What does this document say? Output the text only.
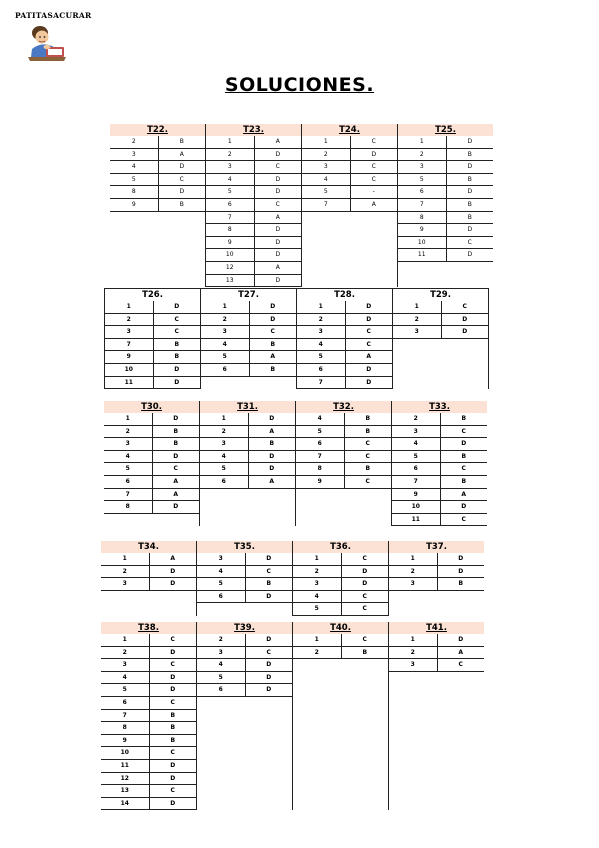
PATITASACURAR
SOLUCIONES.
T22.
2	B
3	A
4	D
5	C
8	D
9	B
T23.
1	A
2	D
3	C
4	D
5	D
6	C
7	A
8	D
9	D
10	D
12	A
13	D
T24.
1	C
2	D
3	C
4	C
5	-
7	A
T25.
1	D
2	B
3	D
5	B
6	D
7	B
8	B
9	D
10	C
11	D
T26.
1	D
2	C
3	C
7	B
9	B
10	D
11	D
T27.
1	D
2	D
3	C
4	B
5	A
6	B
T28.
1	D
2	D
3	C
4	C
5	A
6	D
7	D
T29.
1	C
2	D
3	D
T30.
1	D
2	B
3	B
4	D
5	C
6	A
7	A
8	D
T31.
1	D
2	A
3	B
4	D
5	D
6	A
T32.
4	B
5	B
6	C
7	C
8	B
9	C
T33.
2	B
3	C
4	D
5	B
6	C
7	B
9	A
10	D
11	C
T34.
1	A
2	D
3	D
T35.
3	D
4	C
5	B
6	D
T36.
1	C
2	D
3	D
4	C
5	C
T37.
1	D
2	D
3	B
T38.
1	C
2	D
3	C
4	D
5	D
6	C
7	B
8	B
9	B
10	C
11	D
12	D
13	C
14	D
T39.
2	D
3	C
4	D
5	D
6	D
T40.
1	C
2	B
T41.
1	D
2	A
3	C
